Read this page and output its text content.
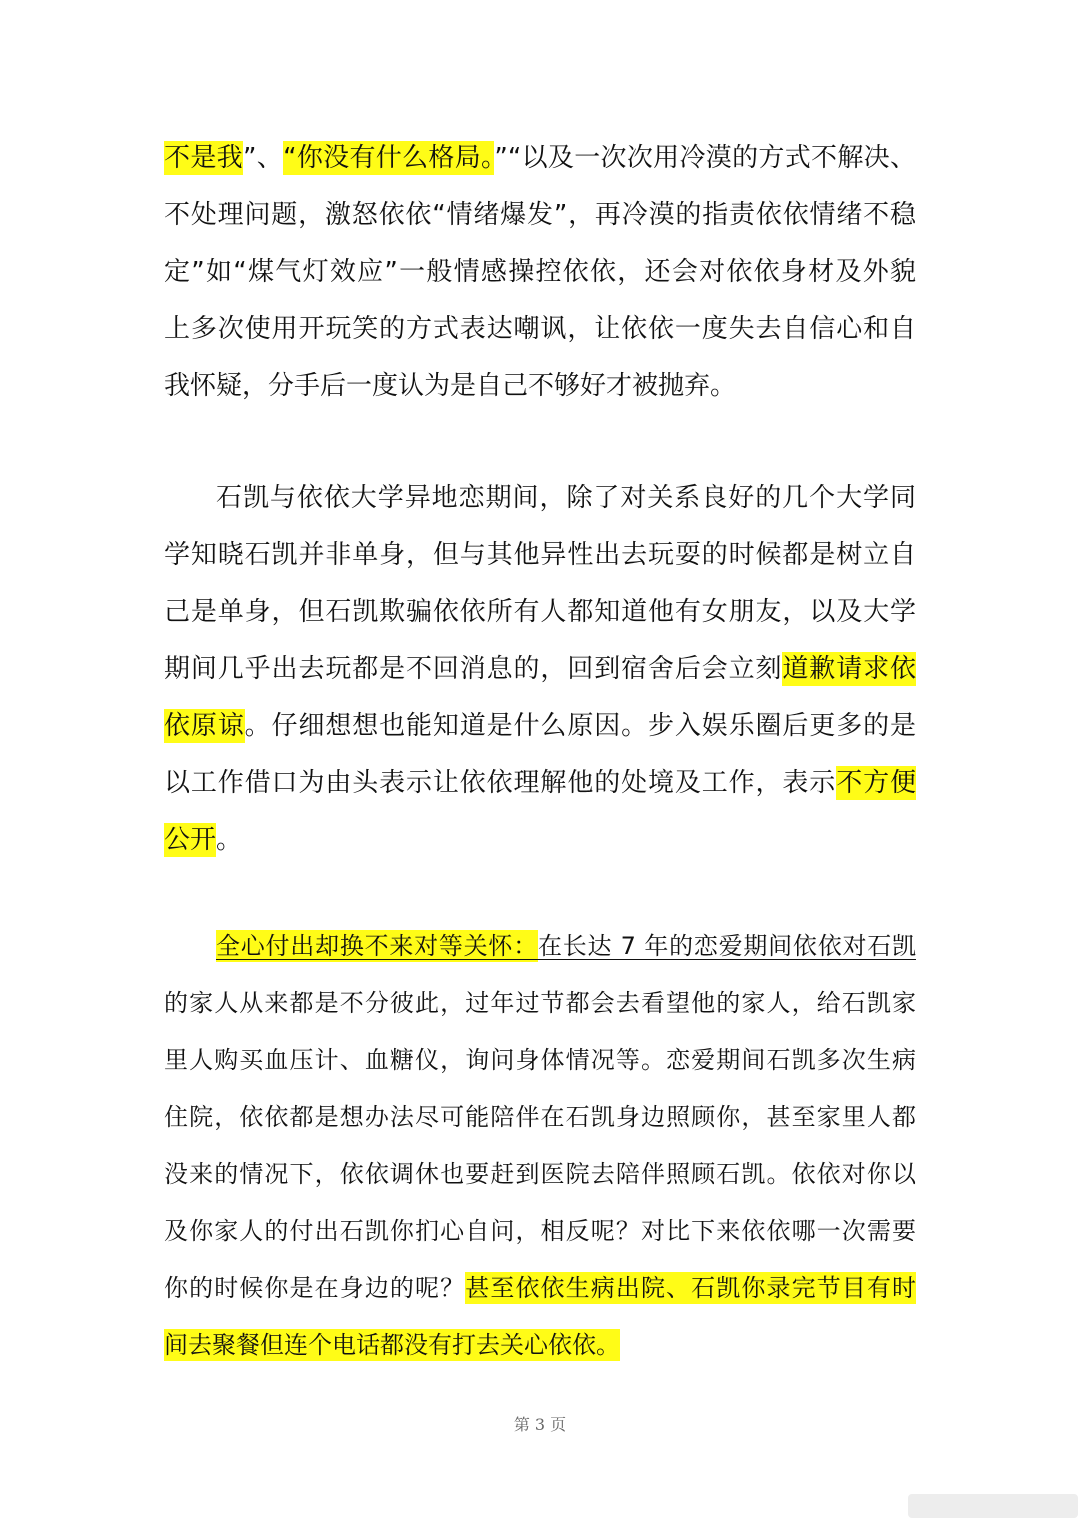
不是我”、“你没有什么格局。”“以及一次次用冷漠的方式不解决、
不处理问题，激怒依依“情绪爆发”，再冷漠的指责依依情绪不稳
定”如“煤气灯效应”一般情感操控依依，还会对依依身材及外貌
上多次使用开玩笑的方式表达嘲讽，让依依一度失去自信心和自
我怀疑，分手后一度认为是自己不够好才被抛弃。
石凯与依依大学异地恋期间，除了对关系良好的几个大学同
学知晓石凯并非单身，但与其他异性出去玩耍的时候都是树立自
己是单身，但石凯欺骗依依所有人都知道他有女朋友，以及大学
期间几乎出去玩都是不回消息的，回到宿舍后会立刻道歉请求依
依原谅。仔细想想也能知道是什么原因。步入娱乐圈后更多的是
以工作借口为由头表示让依依理解他的处境及工作，表示不方便
公开。
全心付出却换不来对等关怀：在长达 7 年的恋爱期间依依对石凯
的家人从来都是不分彼此，过年过节都会去看望他的家人，给石凯家
里人购买血压计、血糖仪，询问身体情况等。恋爱期间石凯多次生病
住院，依依都是想办法尽可能陪伴在石凯身边照顾你，甚至家里人都
没来的情况下，依依调休也要赶到医院去陪伴照顾石凯。依依对你以
及你家人的付出石凯你扪心自问，相反呢？对比下来依依哪一次需要
你的时候你是在身边的呢？甚至依依生病出院、石凯你录完节目有时
间去聚餐但连个电话都没有打去关心依依。
第 3 页
